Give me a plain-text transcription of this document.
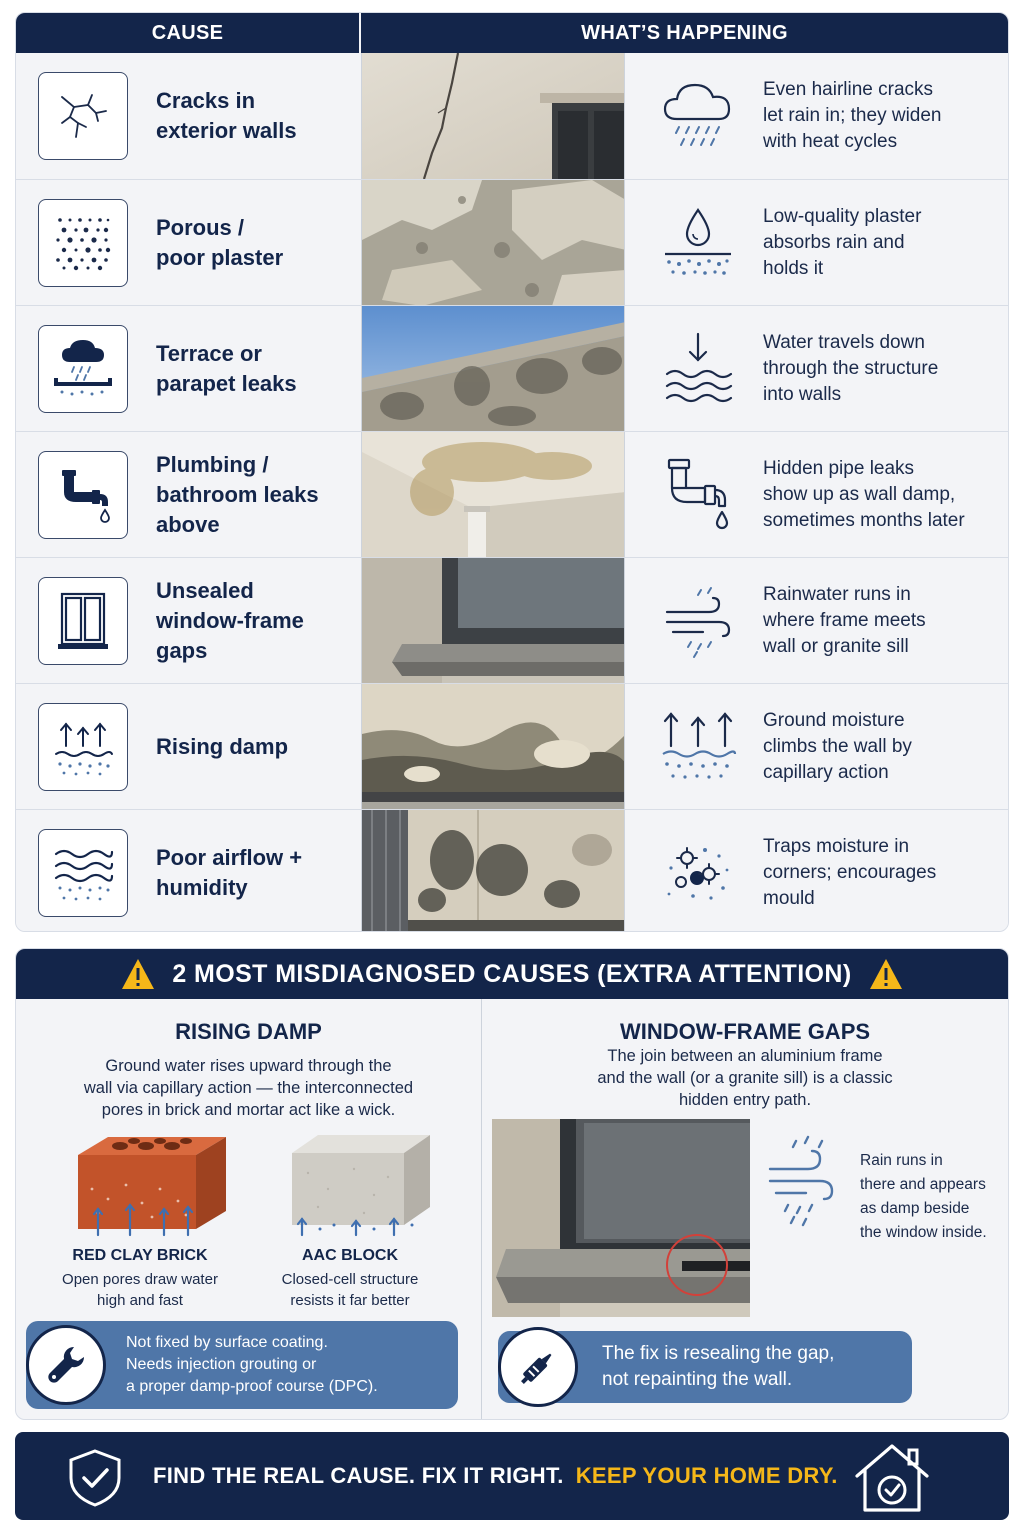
CAUSE	WHAT’S HAPPENING
Cracks in
exterior walls
Even hairline cracks
let rain in; they widen
with heat cycles
Porous /
poor plaster
Low-quality plaster
absorbs rain and
holds it
Terrace or
parapet leaks
Water travels down
through the structure
into walls
Plumbing /
bathroom leaks
above
Hidden pipe leaks
show up as wall damp,
sometimes months later
Unsealed
window-frame
gaps
Rainwater runs in
where frame meets
wall or granite sill
Rising damp
Ground moisture
climbs the wall by
capillary action
Poor airflow +
humidity
Traps moisture in
corners; encourages
mould
2 MOST MISDIAGNOSED CAUSES (EXTRA ATTENTION)
RISING DAMP
Ground water rises upward through the
wall via capillary action — the interconnected
pores in brick and mortar act like a wick.
RED CLAY BRICK
Open pores draw water
high and fast
AAC BLOCK
Closed-cell structure
resists it far better
Not fixed by surface coating.
Needs injection grouting or
a proper damp-proof course (DPC).
WINDOW-FRAME GAPS
The join between an aluminium frame
and the wall (or a granite sill) is a classic
hidden entry path.
Rain runs in
there and appears
as damp beside
the window inside.
The fix is resealing the gap,
not repainting the wall.
FIND THE REAL CAUSE. FIX IT RIGHT. KEEP YOUR HOME DRY.
